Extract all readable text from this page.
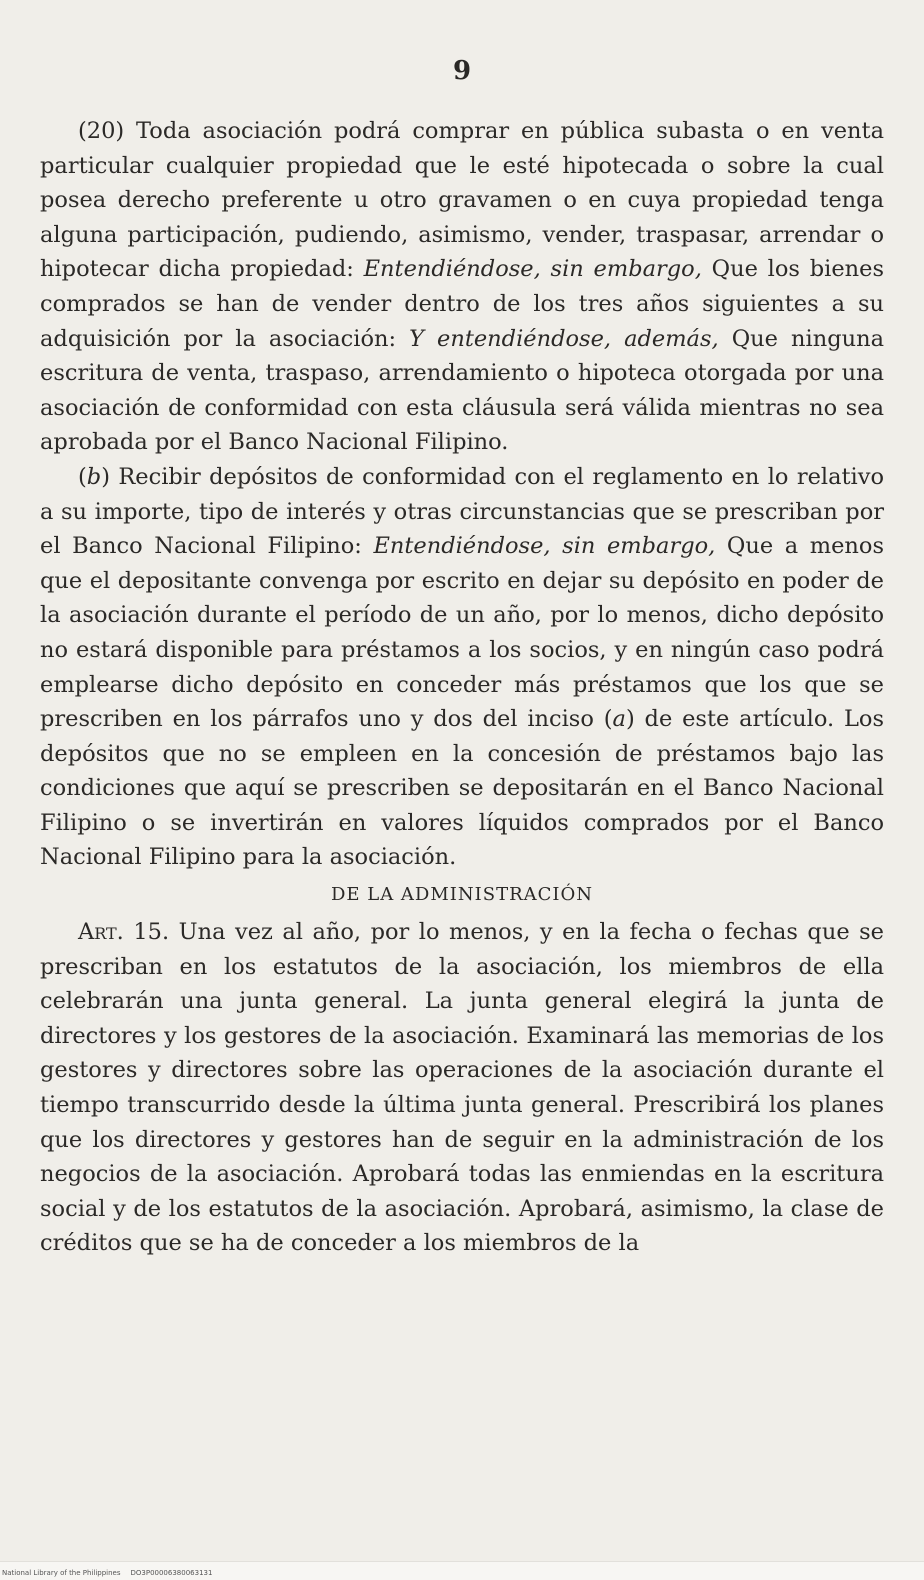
9

(20) Toda asociación podrá comprar en pública subasta o en venta particular cualquier propiedad que le esté hipotecada o sobre la cual posea derecho preferente u otro gravamen o en cuya propiedad tenga alguna participación, pudiendo, asimismo, vender, traspasar, arrendar o hipotecar dicha propiedad: Entendiéndose, sin embargo, Que los bienes comprados se han de vender dentro de los tres años siguientes a su adquisición por la asociación: Y entendiéndose, además, Que ninguna escritura de venta, traspaso, arrendamiento o hipoteca otorgada por una asociación de conformidad con esta cláusula será válida mientras no sea aprobada por el Banco Nacional Filipino.

(b) Recibir depósitos de conformidad con el reglamento en lo relativo a su importe, tipo de interés y otras circunstancias que se prescriban por el Banco Nacional Filipino: Entendiéndose, sin embargo, Que a menos que el depositante convenga por escrito en dejar su depósito en poder de la asociación durante el período de un año, por lo menos, dicho depósito no estará disponible para préstamos a los socios, y en ningún caso podrá emplearse dicho depósito en conceder más préstamos que los que se prescriben en los párrafos uno y dos del inciso (a) de este artículo. Los depósitos que no se empleen en la concesión de préstamos bajo las condiciones que aquí se prescriben se depositarán en el Banco Nacional Filipino o se invertirán en valores líquidos comprados por el Banco Nacional Filipino para la asociación.

DE LA ADMINISTRACIÓN

Art. 15. Una vez al año, por lo menos, y en la fecha o fechas que se prescriban en los estatutos de la asociación, los miembros de ella celebrarán una junta general. La junta general elegirá la junta de directores y los gestores de la asociación. Examinará las memorias de los gestores y directores sobre las operaciones de la asociación durante el tiempo transcurrido desde la última junta general. Prescribirá los planes que los directores y gestores han de seguir en la administración de los negocios de la asociación. Aprobará todas las enmiendas en la escritura social y de los estatutos de la asociación. Aprobará, asimismo, la clase de créditos que se ha de conceder a los miembros de la

National Library of the Philippines DO3P00006380063131
